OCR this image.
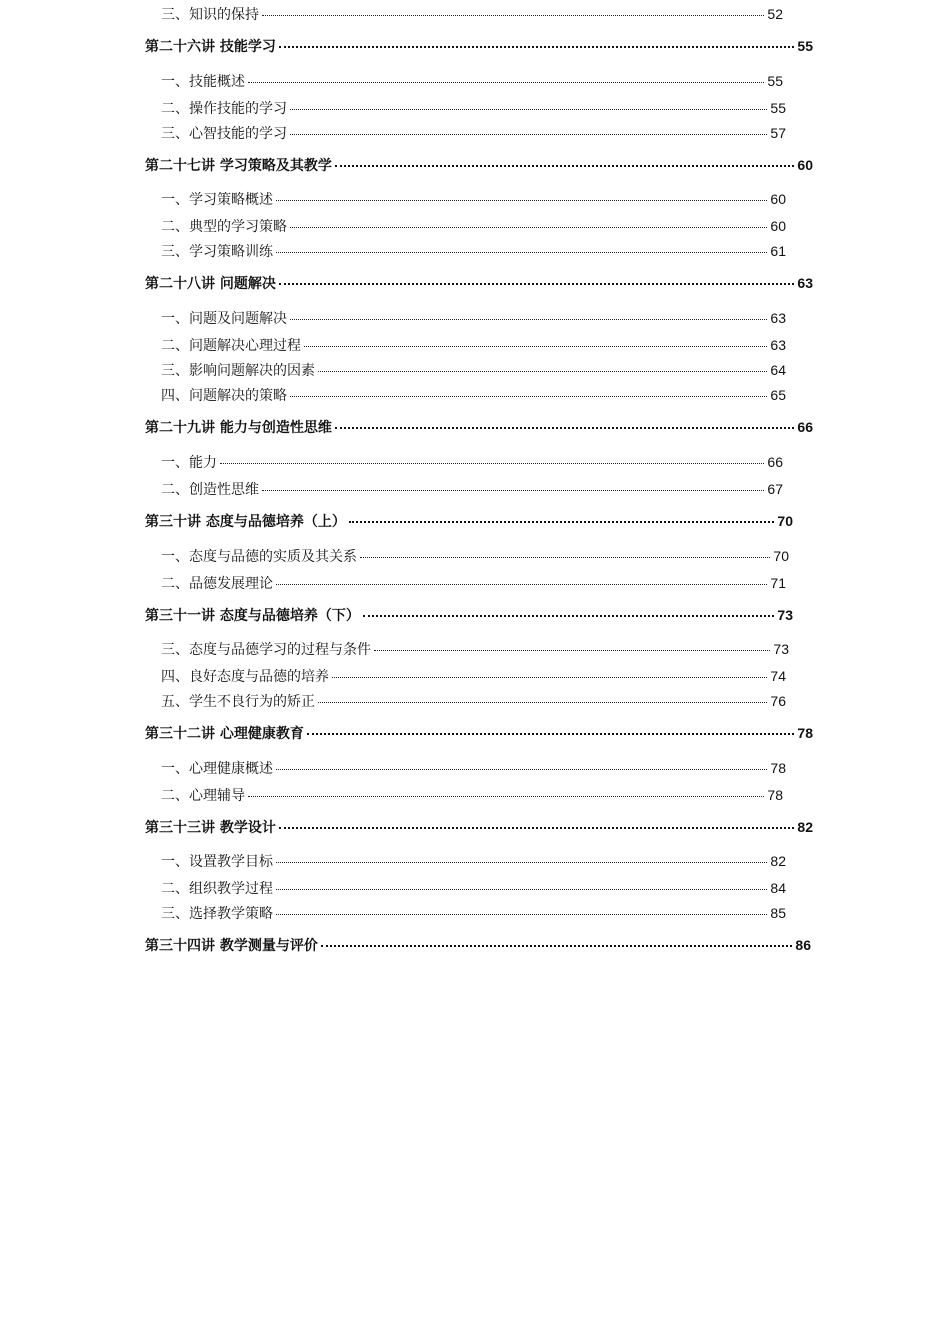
三、知识的保持	52
第二十六讲 技能学习	55
一、技能概述	55
二、操作技能的学习	55
三、心智技能的学习	57
第二十七讲 学习策略及其教学	60
一、学习策略概述	60
二、典型的学习策略	60
三、学习策略训练	61
第二十八讲 问题解决	63
一、问题及问题解决	63
二、问题解决心理过程	63
三、影响问题解决的因素	64
四、问题解决的策略	65
第二十九讲 能力与创造性思维	66
一、能力	66
二、创造性思维	67
第三十讲 态度与品德培养（上）	70
一、态度与品德的实质及其关系	70
二、品德发展理论	71
第三十一讲 态度与品德培养（下）	73
三、态度与品德学习的过程与条件	73
四、良好态度与品德的培养	74
五、学生不良行为的矫正	76
第三十二讲 心理健康教育	78
一、心理健康概述	78
二、心理辅导	78
第三十三讲 教学设计	82
一、设置教学目标	82
二、组织教学过程	84
三、选择教学策略	85
第三十四讲 教学测量与评价	86
